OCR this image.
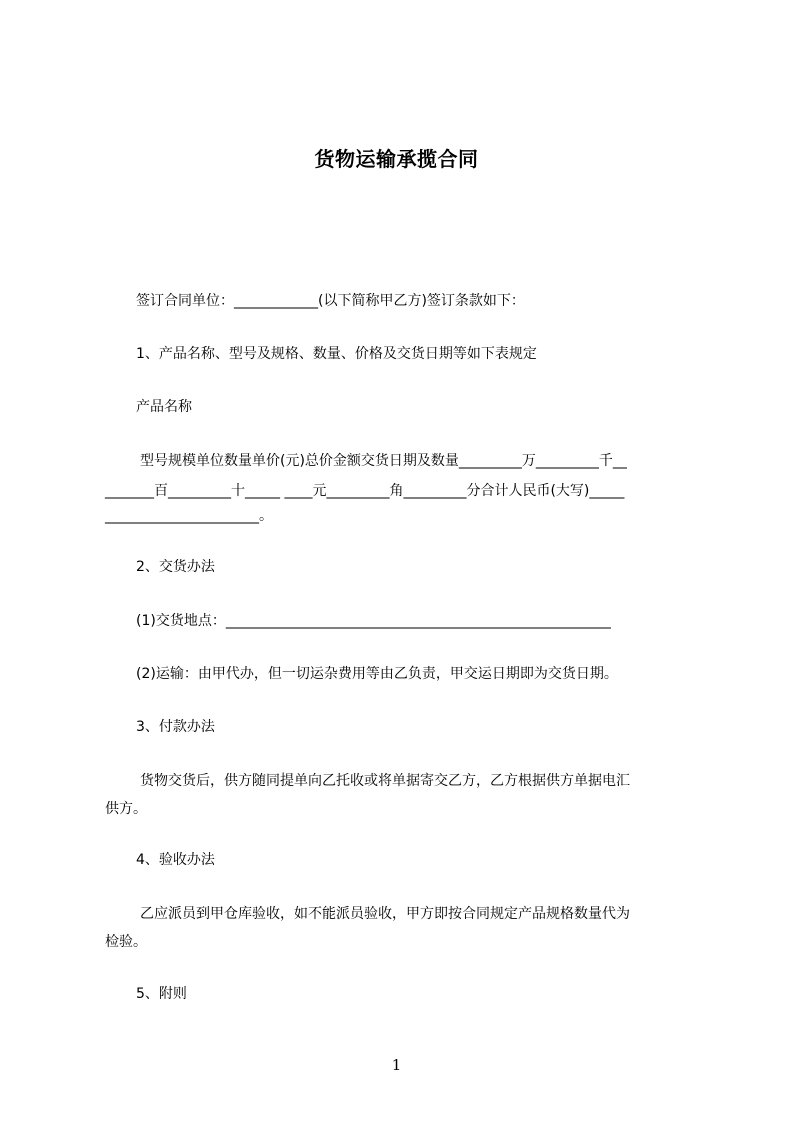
货物运输承揽合同
签订合同单位：____________(以下简称甲乙方)签订条款如下：
1、产品名称、型号及规格、数量、价格及交货日期等如下表规定
产品名称
型号规模单位数量单价(元)总价金额交货日期及数量_________万_________千__
_______百_________十_____ ____元_________角_________分合计人民币(大写)_____
______________________。
2、交货办法
(1)交货地点：_______________________________________________________
(2)运输：由甲代办，但一切运杂费用等由乙负责，甲交运日期即为交货日期。
3、付款办法
货物交货后，供方随同提单向乙托收或将单据寄交乙方，乙方根据供方单据电汇
供方。
4、验收办法
乙应派员到甲仓库验收，如不能派员验收，甲方即按合同规定产品规格数量代为
检验。
5、附则
1
